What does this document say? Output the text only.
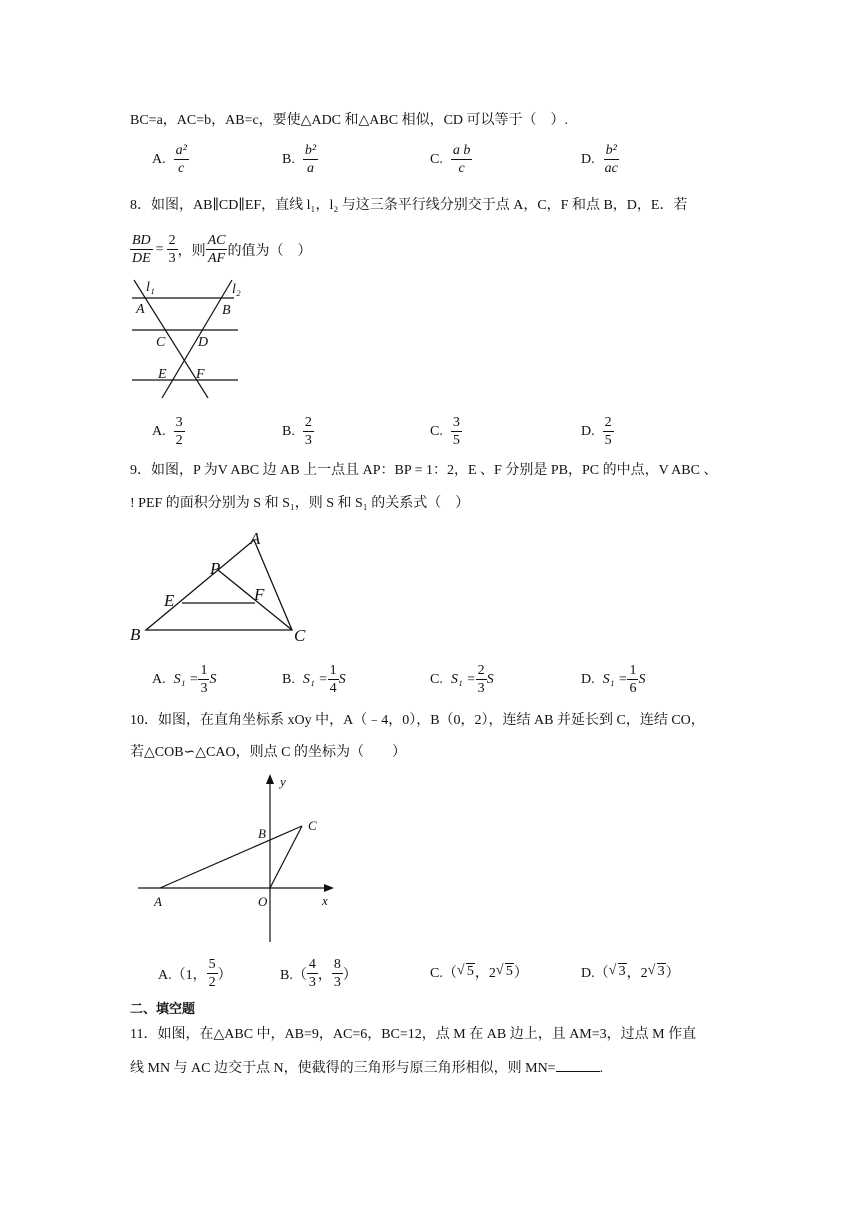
BC=a，AC=b，AB=c，要使△ADC 和△ABC 相似，CD 可以等于（　）.
A. $\frac{\text{a²}}{c}$	B. $\frac{\text{b²}}{a}$	C. $\frac{\text{a b}}{c}$	D. $\frac{\text{b²}}{ac}$
8．如图，AB∥CD∥EF，直线 l₁，l₂ 与这三条平行线分别交于点 A，C，F 和点 B，D，E．若
$\frac{BD}{DE} = \frac{2}{3}$ ，则 $\frac{AC}{AF}$ 的值为（　）
l₁	l₂
A	B
C D
E F
A. $\frac{3}{2}$	B. $\frac{2}{3}$	C. $\frac{3}{5}$	D. $\frac{2}{5}$
9．如图，P 为V ABC 边 AB 上一点且 AP：BP = 1：2，E 、F 分别是 PB，PC 的中点，V ABC 、
! PEF 的面积分别为 S 和 S₁，则 S 和 S₁ 的关系式（　）
A
P
E	F
B	C
A. $S_1 = \frac{1}{3}$ S	B. $S_1 = \frac{1}{4}$ S	C. $S_1 = \frac{2}{3}$ S	D. $S_1 = \frac{1}{6}$ S
10．如图，在直角坐标系 xOy 中，A（﹣4，0），B（0，2），连结 AB 并延长到 C，连结 CO，
若△COB∽△CAO，则点 C 的坐标为（　　）
y
x
B
C
A	O
A.（1， $\frac{5}{2}$ ）	$B.( \frac{4}{3}$ ， $\frac{8}{3}$ ）	C.（ √ 5 ，2 √ 5 ）	D.（ √ 3 ，2 √ 3 ）
二、填空题
11．如图，在△ABC 中，AB=9，AC=6，BC=12，点 M 在 AB 边上，且 AM=3，过点 M 作直
线 MN 与 AC 边交于点 N，使截得的三角形与原三角形相似，则 MN=	.
